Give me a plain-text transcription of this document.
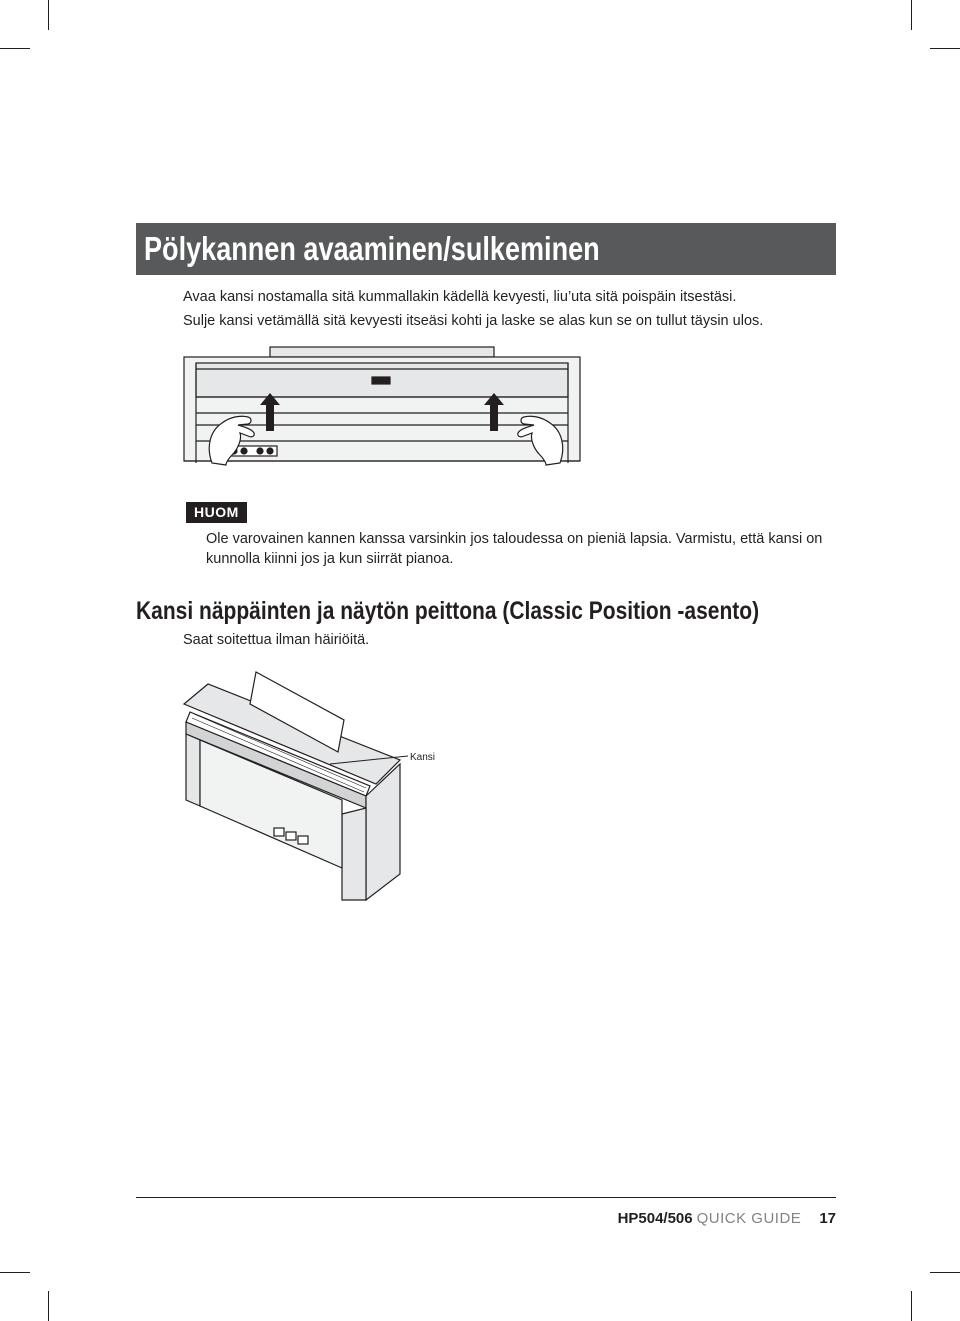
Pölykannen avaaminen/sulkeminen

Avaa kansi nostamalla sitä kummallakin kädellä kevyesti, liu’uta sitä poispäin itsestäsi.

Sulje kansi vetämällä sitä kevyesti itseäsi kohti ja laske se alas kun se on tullut täysin ulos.

HUOM

Ole varovainen kannen kanssa varsinkin jos taloudessa on pieniä lapsia. Varmistu, että kansi on kunnolla kiinni jos ja kun siirrät pianoa.

Kansi näppäinten ja näytön peittona (Classic Position -asento)

Saat soitettua ilman häiriöitä.

Kansi
HP504/506 QUICK GUIDE 17
